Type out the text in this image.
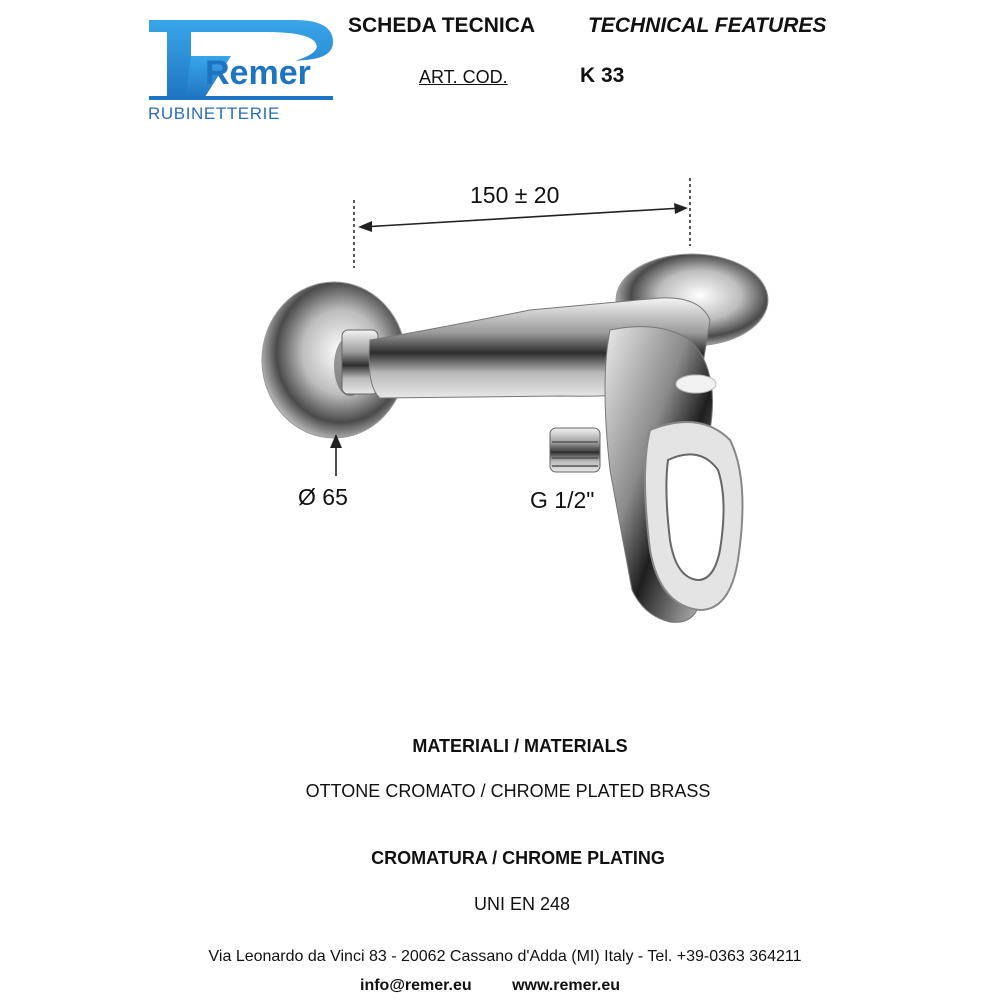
Remer
RUBINETTERIE
SCHEDA TECNICA	TECHNICAL FEATURES
ART. COD.	K 33
150 ± 20
Ø 65	G 1/2"
MATERIALI / MATERIALS
OTTONE CROMATO / CHROME PLATED BRASS
CROMATURA / CHROME PLATING
UNI EN 248
Via Leonardo da Vinci 83 - 20062 Cassano d'Adda (MI) Italy - Tel. +39-0363 364211
info@remer.eu	www.remer.eu
